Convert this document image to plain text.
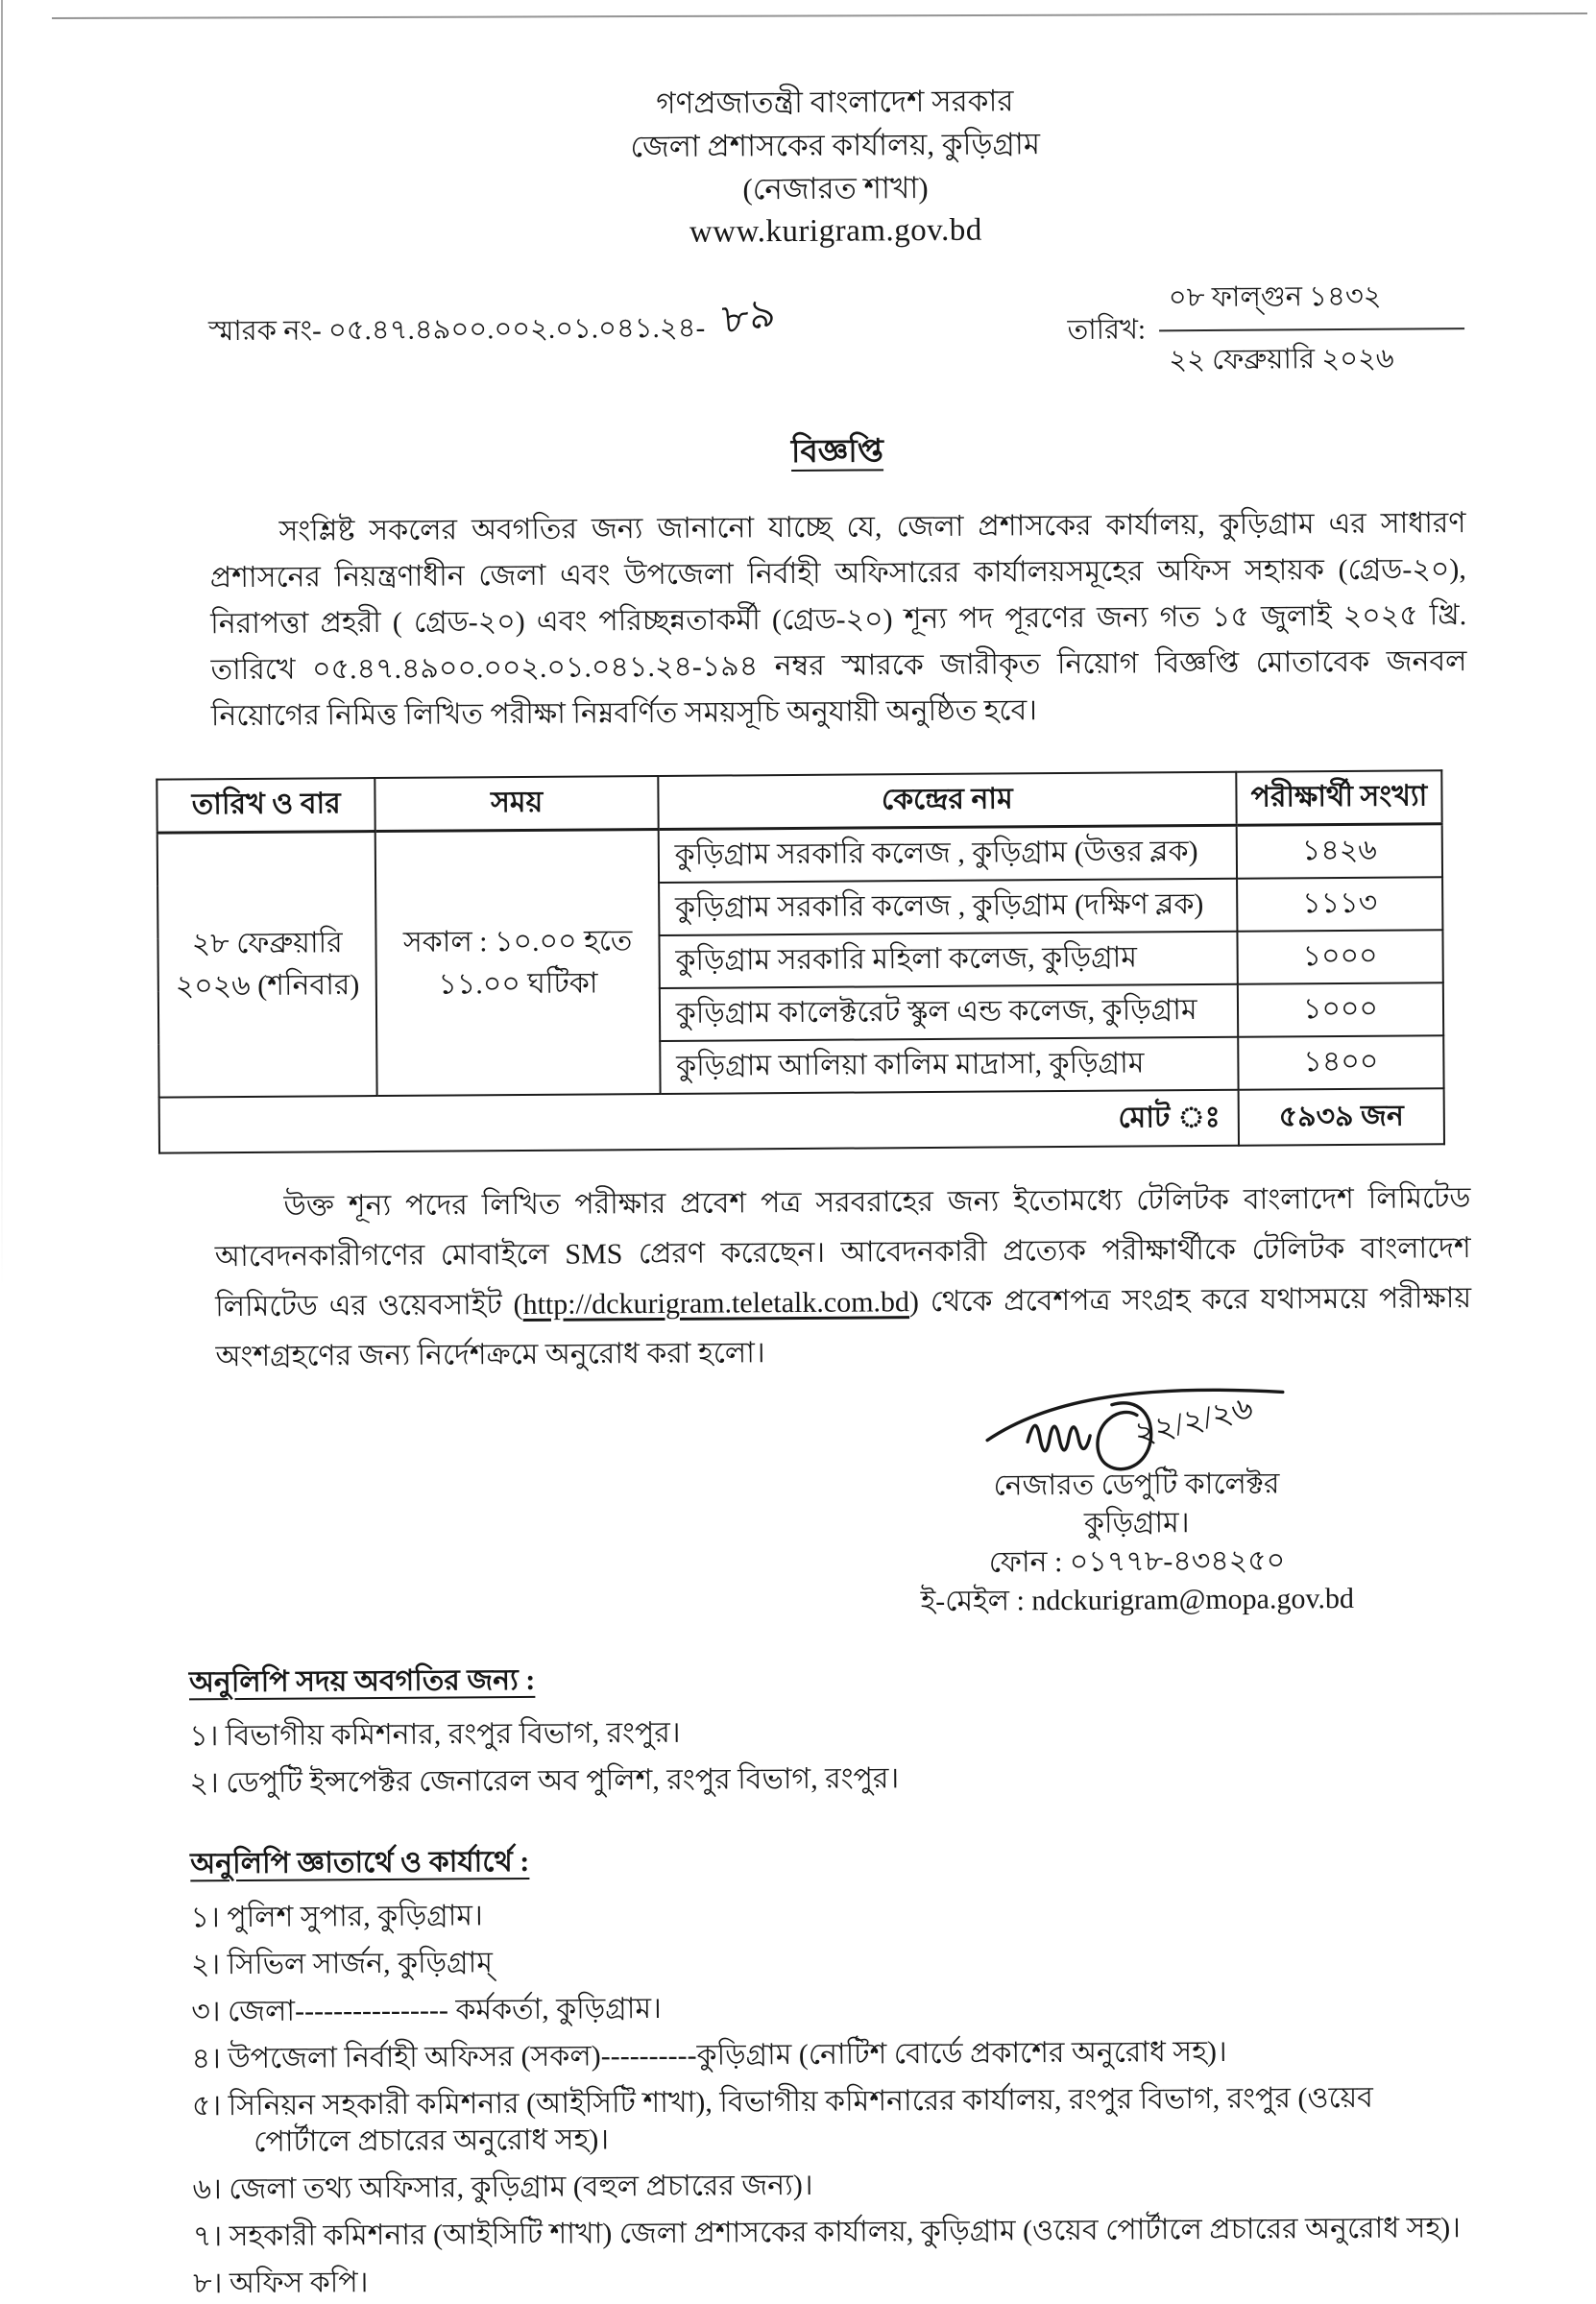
গণপ্রজাতন্ত্রী বাংলাদেশ সরকার
জেলা প্রশাসকের কার্যালয়, কুড়িগ্রাম
(নেজারত শাখা)
www.kurigram.gov.bd
স্মারক নং- ০৫.৪৭.৪৯০০.০০২.০১.০৪১.২৪- ৮৯	তারিখ:
০৮ ফাল্গুন ১৪৩২
২২ ফেব্রুয়ারি ২০২৬
বিজ্ঞপ্তি
সংশ্লিষ্ট সকলের অবগতির জন্য জানানো যাচ্ছে যে, জেলা প্রশাসকের কার্যালয়, কুড়িগ্রাম এর সাধারণ প্রশাসনের নিয়ন্ত্রণাধীন জেলা এবং উপজেলা নির্বাহী অফিসারের কার্যালয়সমূহের অফিস সহায়ক (গ্রেড-২০), নিরাপত্তা প্রহরী ( গ্রেড-২০) এবং পরিচ্ছন্নতাকর্মী (গ্রেড-২০) শূন্য পদ পূরণের জন্য গত ১৫ জুলাই ২০২৫ খ্রি. তারিখে ০৫.৪৭.৪৯০০.০০২.০১.০৪১.২৪-১৯৪ নম্বর স্মারকে জারীকৃত নিয়োগ বিজ্ঞপ্তি মোতাবেক জনবল নিয়োগের নিমিত্ত লিখিত পরীক্ষা নিম্নবর্ণিত সময়সূচি অনুযায়ী অনুষ্ঠিত হবে।
তারিখ ও বার	সময়	কেন্দ্রের নাম	পরীক্ষার্থী সংখ্যা
২৮ ফেব্রুয়ারি ২০২৬ (শনিবার)	সকাল : ১০.০০ হতে ১১.০০ ঘটিকা	কুড়িগ্রাম সরকারি কলেজ , কুড়িগ্রাম (উত্তর ব্লক)	১৪২৬
		কুড়িগ্রাম সরকারি কলেজ , কুড়িগ্রাম (দক্ষিণ ব্লক)	১১১৩
		কুড়িগ্রাম সরকারি মহিলা কলেজ, কুড়িগ্রাম	১০০০
		কুড়িগ্রাম কালেক্টরেট স্কুল এন্ড কলেজ, কুড়িগ্রাম	১০০০
		কুড়িগ্রাম আলিয়া কালিম মাদ্রাসা, কুড়িগ্রাম	১৪০০
মোট ঃ			৫৯৩৯ জন
উক্ত শূন্য পদের লিখিত পরীক্ষার প্রবেশ পত্র সরবরাহের জন্য ইতোমধ্যে টেলিটক বাংলাদেশ লিমিটেড আবেদনকারীগণের মোবাইলে SMS প্রেরণ করেছেন। আবেদনকারী প্রত্যেক পরীক্ষার্থীকে টেলিটক বাংলাদেশ লিমিটেড এর ওয়েবসাইট (http://dckurigram.teletalk.com.bd) থেকে প্রবেশপত্র সংগ্রহ করে যথাসময়ে পরীক্ষায় অংশগ্রহণের জন্য নির্দেশক্রমে অনুরোধ করা হলো।
২২/২/২৬
নেজারত ডেপুটি কালেক্টর
কুড়িগ্রাম।
ফোন : ০১৭৭৮-৪৩৪২৫০
ই-মেইল : ndckurigram@mopa.gov.bd
অনুলিপি সদয় অবগতির জন্য :
১। বিভাগীয় কমিশনার, রংপুর বিভাগ, রংপুর।
২। ডেপুটি ইন্সপেক্টর জেনারেল অব পুলিশ, রংপুর বিভাগ, রংপুর।
অনুলিপি জ্ঞাতার্থে ও কার্যার্থে :
১। পুলিশ সুপার, কুড়িগ্রাম।
২। সিভিল সার্জন, কুড়িগ্রাম্
৩। জেলা---------------- কর্মকর্তা, কুড়িগ্রাম।
৪। উপজেলা নির্বাহী অফিসর (সকল)----------কুড়িগ্রাম (নোটিশ বোর্ডে প্রকাশের অনুরোধ সহ)।
৫। সিনিয়ন সহকারী কমিশনার (আইসিটি শাখা), বিভাগীয় কমিশনারের কার্যালয়, রংপুর বিভাগ, রংপুর (ওয়েব পোর্টালে প্রচারের অনুরোধ সহ)।
৬। জেলা তথ্য অফিসার, কুড়িগ্রাম (বহুল প্রচারের জন্য)।
৭। সহকারী কমিশনার (আইসিটি শাখা) জেলা প্রশাসকের কার্যালয়, কুড়িগ্রাম (ওয়েব পোর্টালে প্রচারের অনুরোধ সহ)।
৮। অফিস কপি।
